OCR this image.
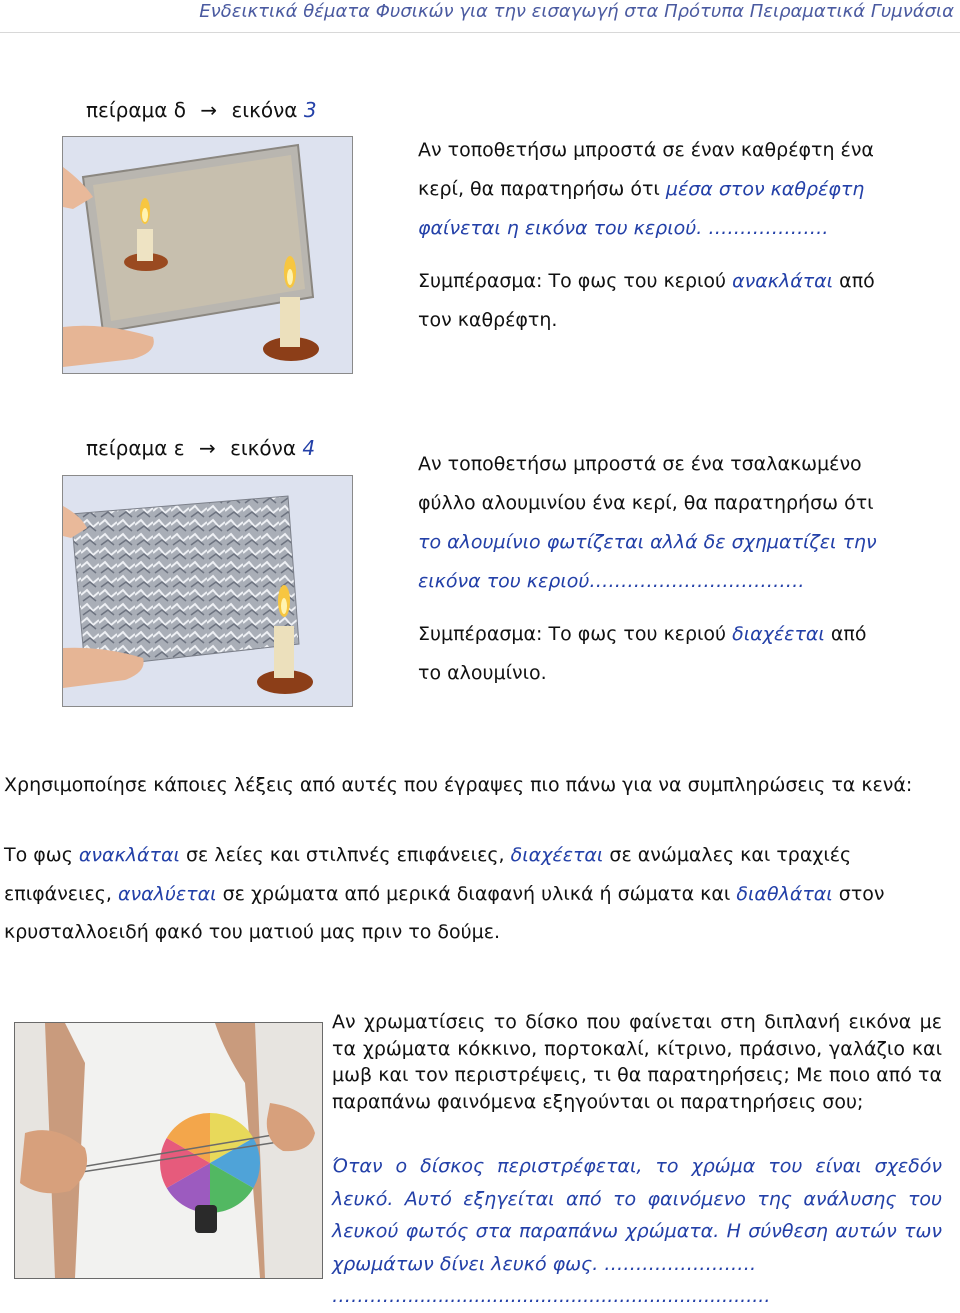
Ενδεικτικά θέματα Φυσικών για την εισαγωγή στα Πρότυπα Πειραματικά Γυμνάσια
πείραμα δ → εικόνα 3

Αν τοποθετήσω μπροστά σε έναν καθρέφτη ένα

κερί, θα παρατηρήσω ότι μέσα στον καθρέφτη

φαίνεται η εικόνα του κεριού. ……………….

Συμπέρασμα: Το φως του κεριού ανακλάται από

τον καθρέφτη.

πείραμα ε → εικόνα 4

Αν τοποθετήσω μπροστά σε ένα τσαλακωμένο

φύλλο αλουμινίου ένα κερί, θα παρατηρήσω ότι

το αλουμίνιο φωτίζεται αλλά δε σχηματίζει την

εικόνα του κεριού…………………………….

Συμπέρασμα: Το φως του κεριού διαχέεται από

το αλουμίνιο.

Χρησιμοποίησε κάποιες λέξεις από αυτές που έγραψες πιο πάνω για να συμπληρώσεις τα κενά:

Το φως ανακλάται σε λείες και στιλπνές επιφάνειες, διαχέεται σε ανώμαλες και τραχιές επιφάνειες, αναλύεται σε χρώματα από μερικά διαφανή υλικά ή σώματα και διαθλάται στον κρυσταλλοειδή φακό του ματιού μας πριν το δούμε.

Αν χρωματίσεις το δίσκο που φαίνεται στη διπλανή εικόνα με τα χρώματα κόκκινο, πορτοκαλί, κίτρινο, πράσινο, γαλάζιο και μωβ και τον περιστρέψεις, τι θα παρατηρήσεις; Με ποιο από τα παραπάνω φαινόμενα εξηγούνται οι παρατηρήσεις σου;

Όταν ο δίσκος περιστρέφεται, το χρώμα του είναι σχεδόν λευκό. Αυτό εξηγείται από το φαινόμενο της ανάλυσης του λευκού φωτός στα παραπάνω χρώματα. Η σύνθεση αυτών των χρωμάτων δίνει λευκό φως. ……………………

…………............................................................
